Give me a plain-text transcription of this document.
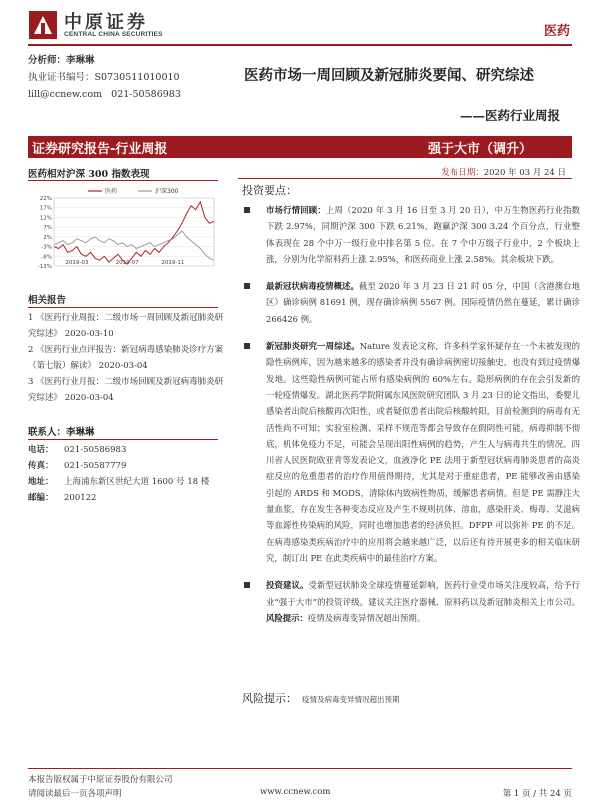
中原证券
CENTRAL CHINA SECURITIES	医药
分析师：李琳琳
执业证书编号：S0730511010010
lill@ccnew.com 021-50586983
医药市场一周回顾及新冠肺炎要闻、研究综述
——医药行业周报
证券研究报告-行业周报	强于大市（调升）
医药相对沪深 300 指数表现
22%
17%
12%
7%
2%
-3%
-8%
-13%
2019-03	2019-07	2019-11
医药	沪深300
发布日期：2020 年 03 月 24 日
相关报告
1 《医药行业周报：二级市场一周回顾及新冠肺炎研究综述》 2020-03-10
2 《医药行业点评报告：新冠病毒感染肺炎诊疗方案（第七版）解读》 2020-03-04
3 《医药行业月报：二级市场回顾及新冠病毒肺炎研究综述》 2020-03-04
联系人：李琳琳
电话： 021-50586983
传真： 021-50587779
地址： 上海浦东新区世纪大道 1600 号 18 楼
邮编： 200122
投资要点：
市场行情回顾：上周（2020 年 3 月 16 日至 3 月 20 日），中万生物医药行业指数下跌 2.97%，同期沪深 300 下跌 6.21%，跑赢沪深 300 3.24 个百分点，行业整体表现在 28 个中万一级行业中排名第 5 位。在 7 个中万级子行业中，2 个板块上涨，分别为化学原料药上涨 2.95%，和医药商业上涨 2.58%。其余板块下跌。
最新冠状病毒疫情概述。截至 2020 年 3 月 23 日 21 时 05 分，中国（含港澳台地区）确诊病例 81691 例，现存确诊病例 5567 例。国际疫情仍然在蔓延，累计确诊 266426 例。
新冠肺炎研究一周综述。Nature 发表论文称，许多科学家怀疑存在一个未被发现的隐性病例库，因为越来越多的感染者并没有确诊病例密切接触史，也没有到过疫情爆发地。这些隐性病例可能占所有感染病例的 60%左右。隐形病例的存在会引发新的一轮疫情爆发。湖北医药学院附属东风医院研究团队 3 月 23 日的论文指出，委婴儿感染者出院后核酸再次阳性，或者疑似患者出院后核酸转阳，目前检测到的病毒有无活性尚不可知；实验室检测、采样不规范等都会导致存在假阴性可能，病毒抑制不彻底，机体免疫力不足，可能会呈现出阳性病例的趋势，产生人与病毒共生的情况。四川省人民医院欧亚青等发表论文，血液净化 PE 法用于新型冠状病毒肺炎患者的高炎症反应的危重患者的治疗作用值得期待，尤其是对于重症患者，PE 能够改善由感染引起的 ARDS 和 MODS，清除体内致病性物质，缓解患者病情。但是 PE 需静注大量血浆，存在发生各种变态反应及产生不规则抗体、溶血，感染肝炎、梅毒、艾滋病等血源性传染病的风险，同时也增加患者的经济负担。DFPP 可以弥补 PE 的不足。在病毒感染类疾病治疗中的应用将会越来越广泛，以后还有待开展更多的相关临床研究，制订出 PE 在此类疾病中的最佳治疗方案。
投资建议。受新型冠状肺炎全球疫情蔓延影响，医药行业受市场关注度较高，给予行业“强于大市”的投资评级。建议关注医疗器械、原料药以及新冠肺炎相关上市公司。风险提示：疫情及病毒变异情况超出预期。
风险提示： 疫情及病毒变异情况超出预期
本报告版权属于中原证券股份有限公司
请阅读最后一页各项声明	www.ccnew.com	第 1 页 / 共 24 页
